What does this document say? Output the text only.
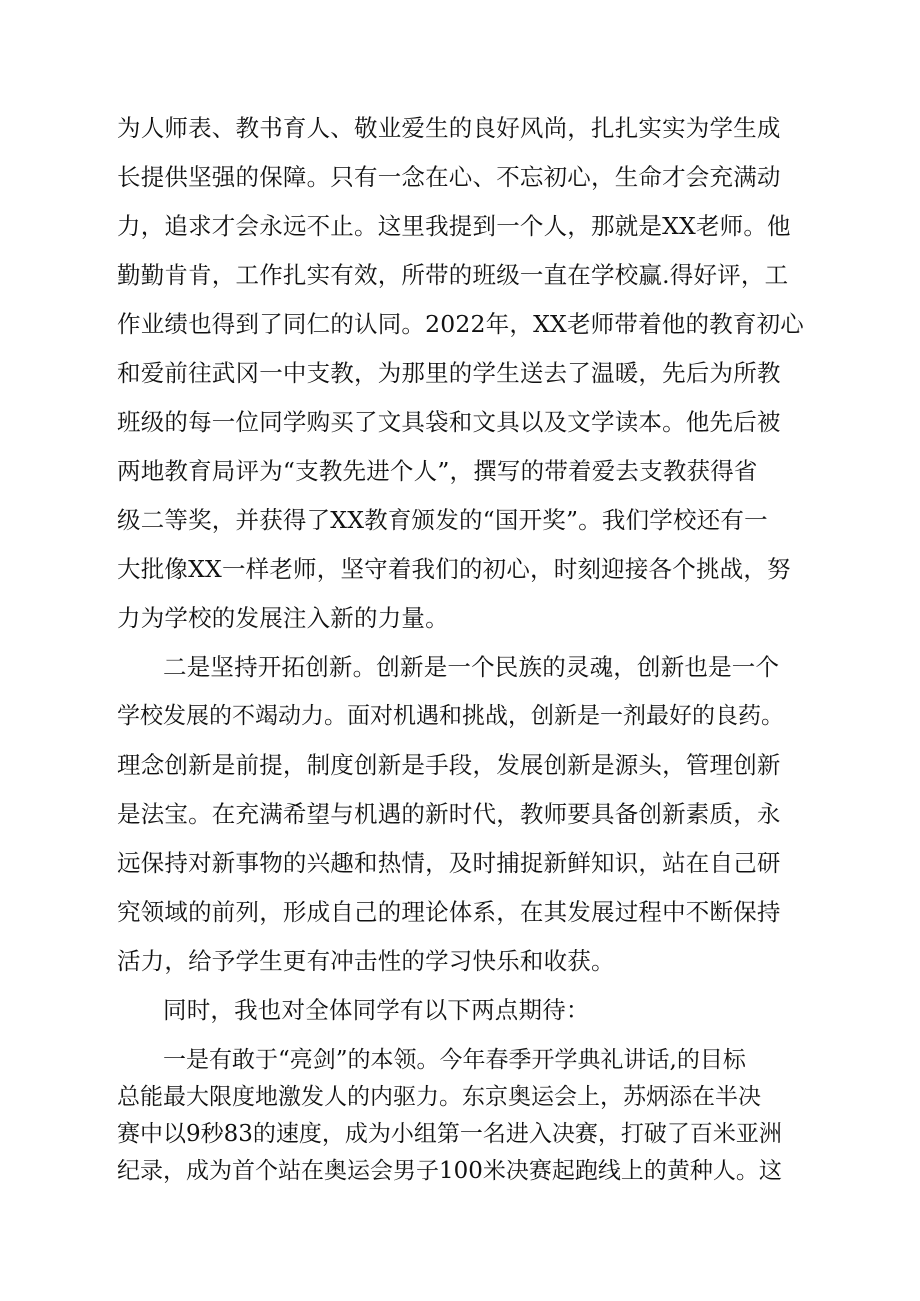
为人师表、教书育人、敬业爱生的良好风尚，扎扎实实为学生成
长提供坚强的保障。只有一念在心、不忘初心，生命才会充满动
力，追求才会永远不止。这里我提到一个人，那就是XX老师。他
勤勤肯肯，工作扎实有效，所带的班级一直在学校赢.得好评，工
作业绩也得到了同仁的认同。2022年，XX老师带着他的教育初心
和爱前往武冈一中支教，为那里的学生送去了温暖，先后为所教
班级的每一位同学购买了文具袋和文具以及文学读本。他先后被
两地教育局评为“支教先进个人”，撰写的带着爱去支教获得省
级二等奖，并获得了XX教育颁发的“国开奖”。我们学校还有一
大批像XX一样老师，坚守着我们的初心，时刻迎接各个挑战，努
力为学校的发展注入新的力量。
二是坚持开拓创新。创新是一个民族的灵魂，创新也是一个
学校发展的不竭动力。面对机遇和挑战，创新是一剂最好的良药。
理念创新是前提，制度创新是手段，发展创新是源头，管理创新
是法宝。在充满希望与机遇的新时代，教师要具备创新素质，永
远保持对新事物的兴趣和热情，及时捕捉新鲜知识，站在自己研
究领域的前列，形成自己的理论体系，在其发展过程中不断保持
活力，给予学生更有冲击性的学习快乐和收获。
同时，我也对全体同学有以下两点期待：
一是有敢于“亮剑”的本领。今年春季开学典礼讲话,的目标
总能最大限度地激发人的内驱力。东京奥运会上，苏炳添在半决
赛中以9秒83的速度，成为小组第一名进入决赛，打破了百米亚洲
纪录，成为首个站在奥运会男子100米决赛起跑线上的黄种人。这
